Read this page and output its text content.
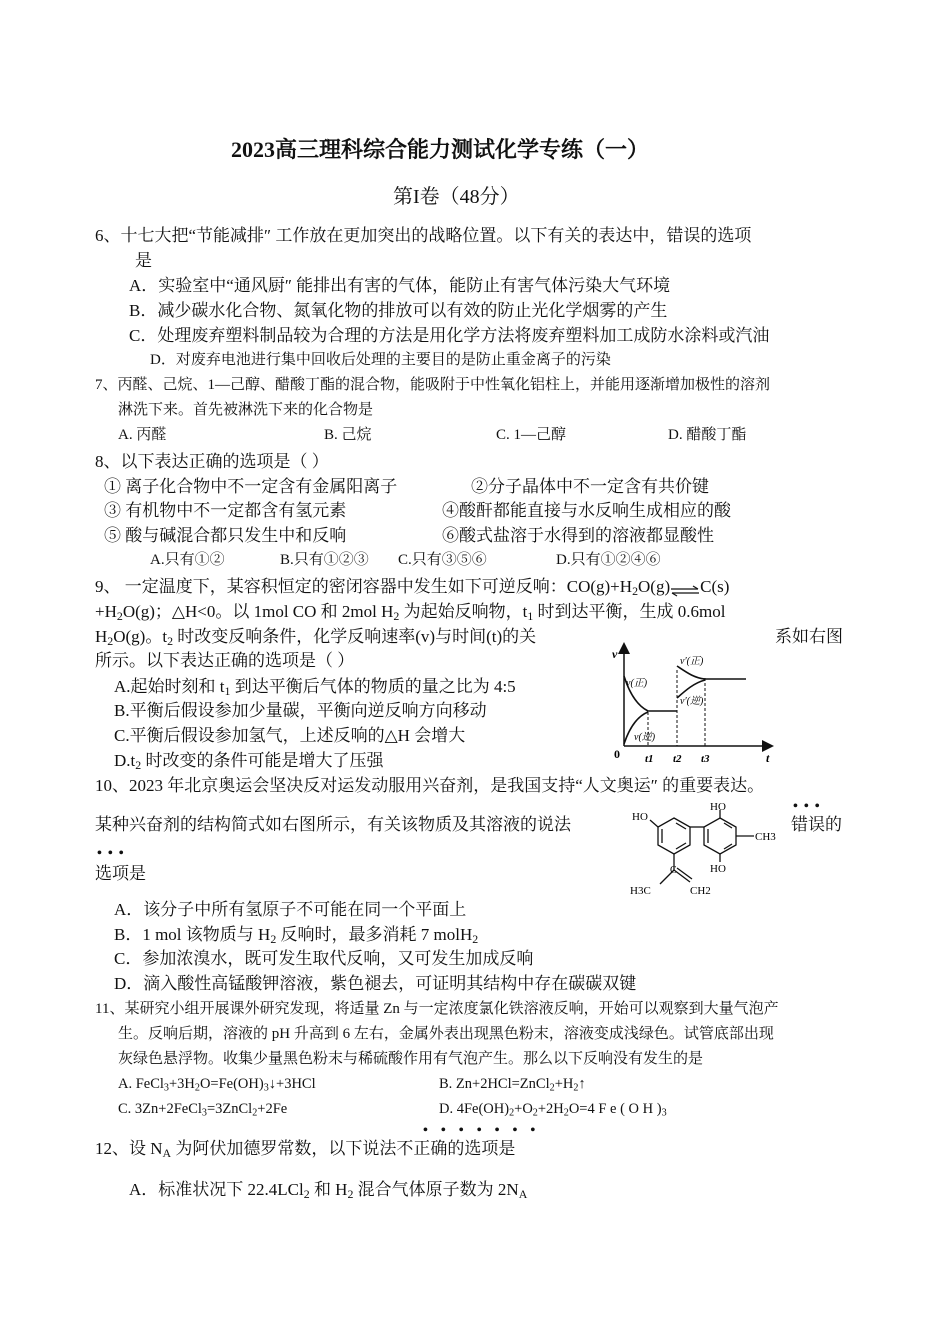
2023高三理科综合能力测试化学专练（一）
第I卷（48分）
6、十七大把“节能减排″ 工作放在更加突出的战略位置。以下有关的表达中，错误的选项
是
A．实验室中“通风厨″ 能排出有害的气体，能防止有害气体污染大气环境
B．减少碳水化合物、氮氧化物的排放可以有效的防止光化学烟雾的产生
C．处理废弃塑料制品较为合理的方法是用化学方法将废弃塑料加工成防水涂料或汽油
D．对废弃电池进行集中回收后处理的主要目的是防止重金离子的污染
7、丙醛、己烷、1—己醇、醋酸丁酯的混合物，能吸附于中性氧化铝柱上，并能用逐渐增加极性的溶剂
淋洗下来。首先被淋洗下来的化合物是
A. 丙醛	B. 己烷	C. 1—己醇	D. 醋酸丁酯
8、以下表达正确的选项是（ ）
① 离子化合物中不一定含有金属阳离子	②分子晶体中不一定含有共价键
③ 有机物中不一定都含有氢元素	④酸酐都能直接与水反响生成相应的酸
⑤ 酸与碱混合都只发生中和反响	⑥酸式盐溶于水得到的溶液都显酸性
A.只有①②	B.只有①②③ C.只有③⑤⑥	D.只有①②④⑥
9、 一定温度下，某容积恒定的密闭容器中发生如下可逆反响：$CO(g)+H_2O(g)\rightleftharpoons C(s)$
$+H_2O(g)$；△H<0。以 1mol CO 和 2mol $H_2$ 为起始反响物，$t_1$ 时到达平衡，生成 0.6mol
$H_2O(g)$。$t_2$ 时改变反响条件，化学反响速率(v)与时间(t)的关	系如右图
所示。以下表达正确的选项是（ ）
A.起始时刻和 $t_1$ 到达平衡后气体的物质的量之比为 4:5
B.平衡后假设参加少量碳，平衡向逆反响方向移动
C.平衡后假设参加氢气，上述反响的△H 会增大
$D.t_2$ 时改变的条件可能是增大了压强
v
t
0 t1 t2 t3
v(正)
v(逆)
v′(正)
v′(逆)
10、2023 年北京奥运会坚决反对运发动服用兴奋剂，是我国支持“人文奥运″ 的重要表达。
•••
某种兴奋剂的结构简式如右图所示，有关该物质及其溶液的说法	错误的
•••
选项是
HO
HO
HO
CH3
C
H3C	CH2
A．该分子中所有氢原子不可能在同一个平面上
B．1 mol 该物质与 $H_2$ 反响时，最多消耗 7 molH$_2$
C．参加浓溴水，既可发生取代反响，又可发生加成反响
D．滴入酸性高锰酸钾溶液，紫色褪去，可证明其结构中存在碳碳双键
11、某研究小组开展课外研究发现，将适量 Zn 与一定浓度氯化铁溶液反响，开始可以观察到大量气泡产
生。反响后期，溶液的 pH 升高到 6 左右，金属外表出现黑色粉末，溶液变成浅绿色。试管底部出现
灰绿色悬浮物。收集少量黑色粉末与稀硫酸作用有气泡产生。那么以下反响没有发生的是
A. $FeCl_3+3H_2O=Fe(OH)_3↓+3HCl$	B. $Zn+2HCl=ZnCl_2+H_2↑$
C. 3Zn+2FeCl$_3$=3ZnCl$_2$+2Fe	D. $4Fe(OH)_2+O_2+2H_2O=4$ F e ( O H )$_3$
•••••••
12、设 $N_A$ 为阿伏加德罗常数，以下说法不正确的选项是
A．标准状况下 22.4LCl$_2$ 和 $H_2$ 混合气体原子数为 $2N_A$
